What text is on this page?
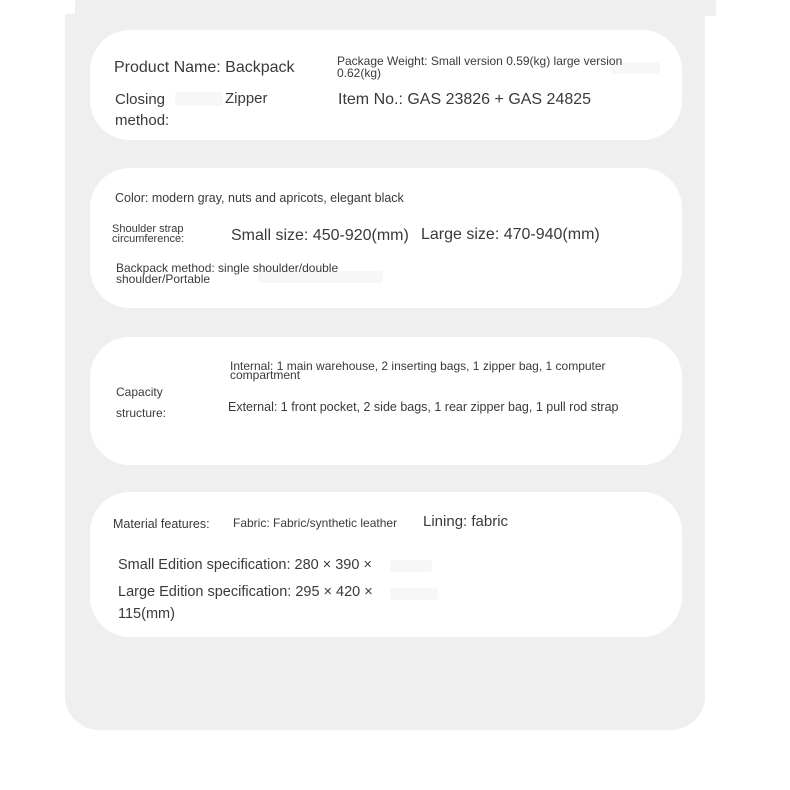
Product Name: Backpack	Package Weight: Small version 0.59(kg) large version 0.62(kg)
Closing method:
Zipper	Item No.: GAS 23826 + GAS 24825
Color: modern gray, nuts and apricots, elegant black
Shoulder strap circumference:	Small size: 450-920(mm) Large size: 470-940(mm)
Backpack method: single shoulder/double shoulder/Portable
Capacity
structure:
Internal: 1 main warehouse, 2 inserting bags, 1 zipper bag, 1 computer compartment
External: 1 front pocket, 2 side bags, 1 rear zipper bag, 1 pull rod strap
Material features: Fabric: Fabric/synthetic leather Lining: fabric
Small Edition specification: 280 × 390 ×
Large Edition specification: 295 × 420 × 115(mm)
